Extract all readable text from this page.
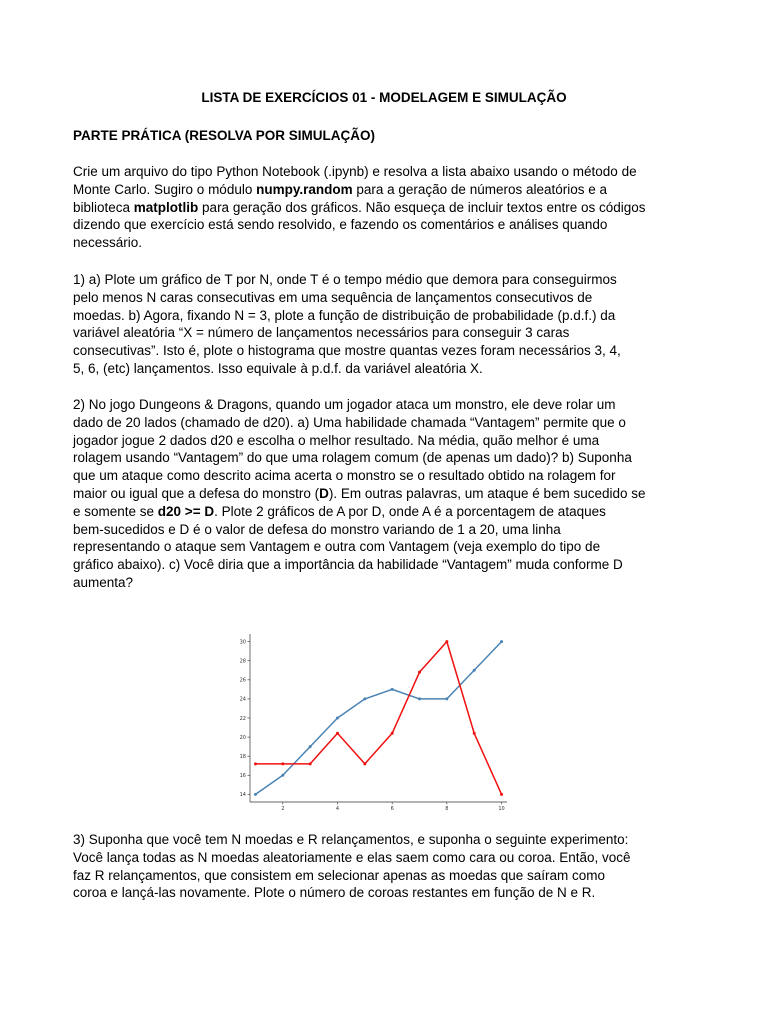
LISTA DE EXERCÍCIOS 01 - MODELAGEM E SIMULAÇÃO
PARTE PRÁTICA (RESOLVA POR SIMULAÇÃO)

Crie um arquivo do tipo Python Notebook (.ipynb) e resolva a lista abaixo usando o método de
Monte Carlo. Sugiro o módulo numpy.random para a geração de números aleatórios e a
biblioteca matplotlib para geração dos gráficos. Não esqueça de incluir textos entre os códigos
dizendo que exercício está sendo resolvido, e fazendo os comentários e análises quando
necessário.

1) a) Plote um gráfico de T por N, onde T é o tempo médio que demora para conseguirmos
pelo menos N caras consecutivas em uma sequência de lançamentos consecutivos de
moedas. b) Agora, fixando N = 3, plote a função de distribuição de probabilidade (p.d.f.) da
variável aleatória “X = número de lançamentos necessários para conseguir 3 caras
consecutivas”. Isto é, plote o histograma que mostre quantas vezes foram necessários 3, 4,
5, 6, (etc) lançamentos. Isso equivale à p.d.f. da variável aleatória X.

2) No jogo Dungeons & Dragons, quando um jogador ataca um monstro, ele deve rolar um
dado de 20 lados (chamado de d20). a) Uma habilidade chamada “Vantagem” permite que o
jogador jogue 2 dados d20 e escolha o melhor resultado. Na média, quão melhor é uma
rolagem usando “Vantagem” do que uma rolagem comum (de apenas um dado)? b) Suponha
que um ataque como descrito acima acerta o monstro se o resultado obtido na rolagem for
maior ou igual que a defesa do monstro (D). Em outras palavras, um ataque é bem sucedido se
e somente se d20 >= D. Plote 2 gráficos de A por D, onde A é a porcentagem de ataques
bem-sucedidos e D é o valor de defesa do monstro variando de 1 a 20, uma linha
representando o ataque sem Vantagem e outra com Vantagem (veja exemplo do tipo de
gráfico abaixo). c) Você diria que a importância da habilidade “Vantagem” muda conforme D
aumenta?

2	4	6	8	10
14
16
18
20
22
24
26
28
30

3) Suponha que você tem N moedas e R relançamentos, e suponha o seguinte experimento:
Você lança todas as N moedas aleatoriamente e elas saem como cara ou coroa. Então, você
faz R relançamentos, que consistem em selecionar apenas as moedas que saíram como
coroa e lançá-las novamente. Plote o número de coroas restantes em função de N e R.
